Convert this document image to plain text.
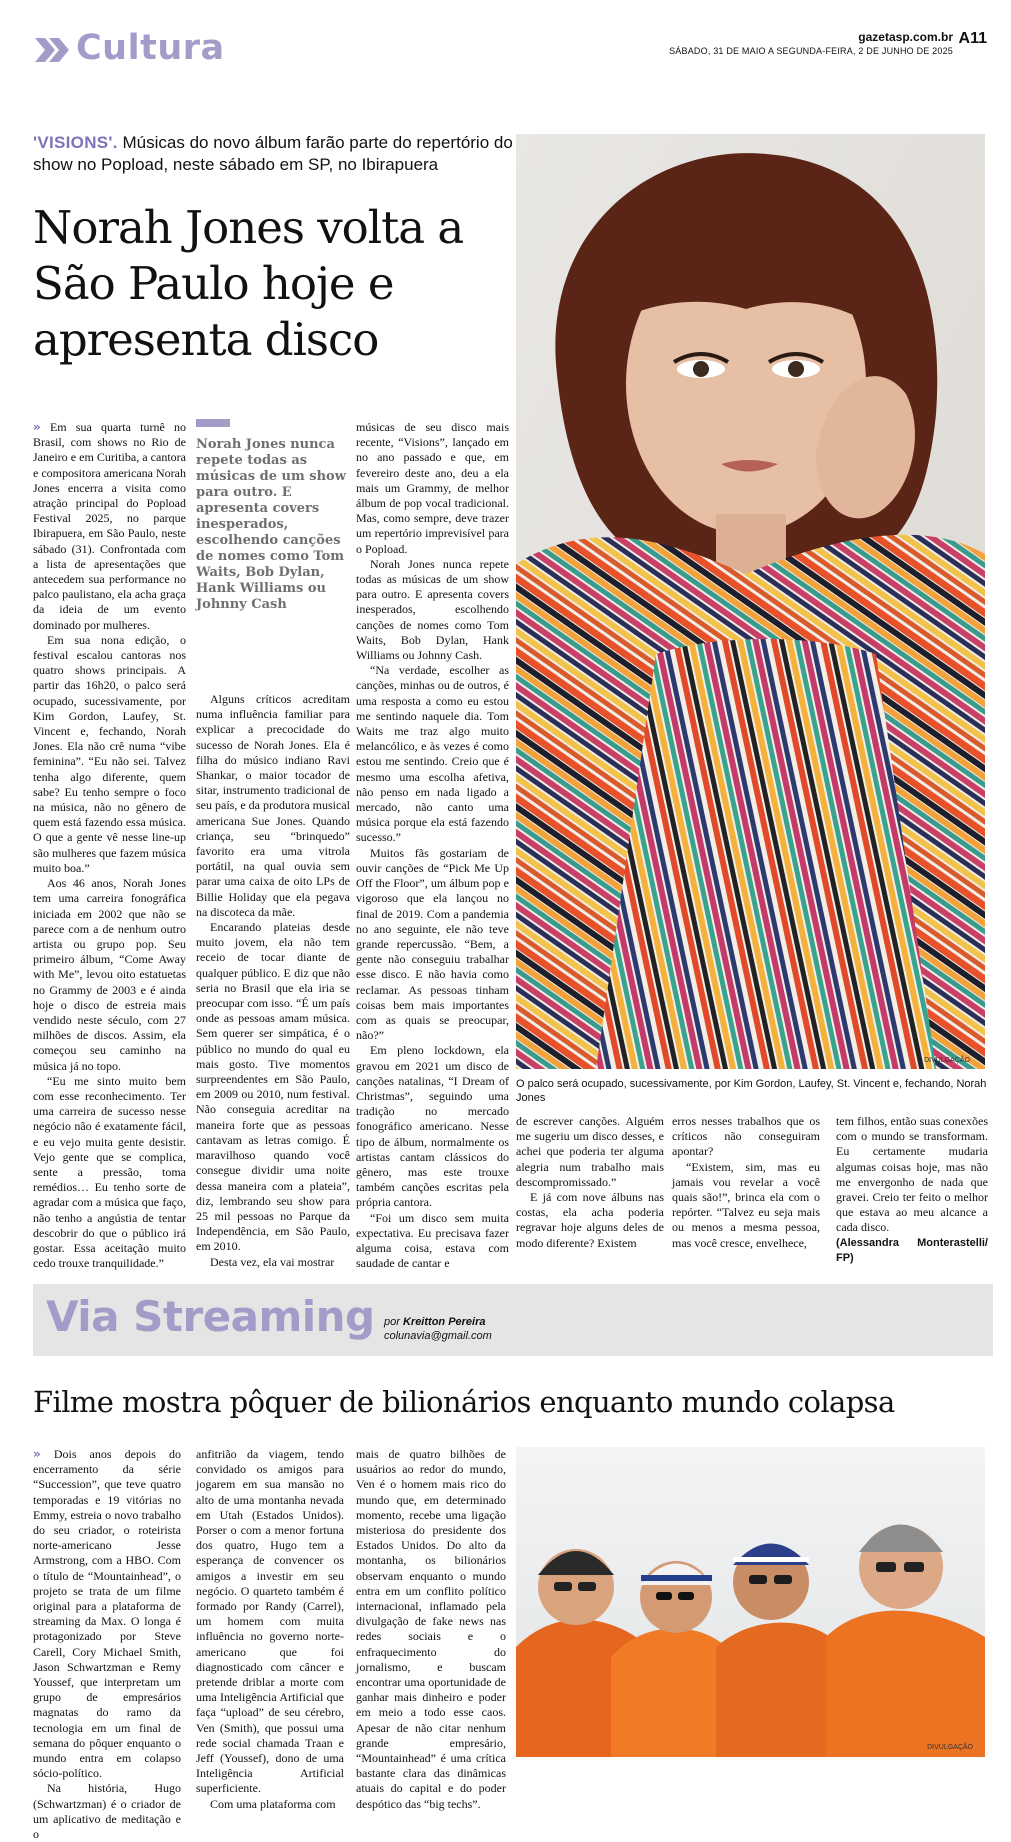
Cultura	gazetasp.com.br
SÁBADO, 31 DE MAIO A SEGUNDA-FEIRA, 2 DE JUNHO DE 2025
A11
'VISIONS'. Músicas do novo álbum farão parte do repertório do show no Popload, neste sábado em SP, no Ibirapuera
Norah Jones volta a São Paulo hoje e apresenta disco
DIVULGAÇÃO
O palco será ocupado, sucessivamente, por Kim Gordon, Laufey, St. Vincent e, fechando, Norah Jones

» Em sua quarta turnê no Brasil, com shows no Rio de Janeiro e em Curitiba, a cantora e compositora americana Norah Jones encerra a visita como atração principal do Popload Festival 2025, no parque Ibirapuera, em São Paulo, neste sábado (31). Confrontada com a lista de apresentações que antecedem sua performance no palco paulistano, ela acha graça da ideia de um evento dominado por mulheres.

Em sua nona edição, o festival escalou cantoras nos quatro shows principais. A partir das 16h20, o palco será ocupado, sucessivamente, por Kim Gordon, Laufey, St. Vincent e, fechando, Norah Jones. Ela não crê numa “vibe feminina”. “Eu não sei. Talvez tenha algo diferente, quem sabe? Eu tenho sempre o foco na música, não no gênero de quem está fazendo essa música. O que a gente vê nesse line-up são mulheres que fazem música muito boa.”

Aos 46 anos, Norah Jones tem uma carreira fonográfica iniciada em 2002 que não se parece com a de nenhum outro artista ou grupo pop. Seu primeiro álbum, “Come Away with Me”, levou oito estatuetas no Grammy de 2003 e é ainda hoje o disco de estreia mais vendido neste século, com 27 milhões de discos. Assim, ela começou seu caminho na música já no topo.

“Eu me sinto muito bem com esse reconhecimento. Ter uma carreira de sucesso nesse negócio não é exatamente fácil, e eu vejo muita gente desistir. Vejo gente que se complica, sente a pressão, toma remédios… Eu tenho sorte de agradar com a música que faço, não tenho a angústia de tentar descobrir do que o público irá gostar. Essa aceitação muito cedo trouxe tranquilidade.”

Norah Jones nunca repete todas as músicas de um show para outro. E apresenta covers inesperados, escolhendo canções de nomes como Tom Waits, Bob Dylan, Hank Williams ou Johnny Cash

Alguns críticos acreditam numa influência familiar para explicar a precocidade do sucesso de Norah Jones. Ela é filha do músico indiano Ravi Shankar, o maior tocador de sitar, instrumento tradicional de seu país, e da produtora musical americana Sue Jones. Quando criança, seu “brinquedo” favorito era uma vitrola portátil, na qual ouvia sem parar uma caixa de oito LPs de Billie Holiday que ela pegava na discoteca da mãe.

Encarando plateias desde muito jovem, ela não tem receio de tocar diante de qualquer público. E diz que não seria no Brasil que ela iria se preocupar com isso. “É um país onde as pessoas amam música. Sem querer ser simpática, é o público no mundo do qual eu mais gosto. Tive momentos surpreendentes em São Paulo, em 2009 ou 2010, num festival. Não conseguia acreditar na maneira forte que as pessoas cantavam as letras comigo. É maravilhoso quando você consegue dividir uma noite dessa maneira com a plateia”, diz, lembrando seu show para 25 mil pessoas no Parque da Independência, em São Paulo, em 2010.

Desta vez, ela vai mostrar

músicas de seu disco mais recente, “Visions”, lançado em no ano passado e que, em fevereiro deste ano, deu a ela mais um Grammy, de melhor álbum de pop vocal tradicional. Mas, como sempre, deve trazer um repertório imprevisível para o Popload.

Norah Jones nunca repete todas as músicas de um show para outro. E apresenta covers inesperados, escolhendo canções de nomes como Tom Waits, Bob Dylan, Hank Williams ou Johnny Cash.

“Na verdade, escolher as canções, minhas ou de outros, é uma resposta a como eu estou me sentindo naquele dia. Tom Waits me traz algo muito melancólico, e às vezes é como estou me sentindo. Creio que é mesmo uma escolha afetiva, não penso em nada ligado a mercado, não canto uma música porque ela está fazendo sucesso.”

Muitos fãs gostariam de ouvir canções de “Pick Me Up Off the Floor”, um álbum pop e vigoroso que ela lançou no final de 2019. Com a pandemia no ano seguinte, ele não teve grande repercussão. “Bem, a gente não conseguiu trabalhar esse disco. E não havia como reclamar. As pessoas tinham coisas bem mais importantes com as quais se preocupar, não?”

Em pleno lockdown, ela gravou em 2021 um disco de canções natalinas, “I Dream of Christmas”, seguindo uma tradição no mercado fonográfico americano. Nesse tipo de álbum, normalmente os artistas cantam clássicos do gênero, mas este trouxe também canções escritas pela própria cantora.

“Foi um disco sem muita expectativa. Eu precisava fazer alguma coisa, estava com saudade de cantar e

de escrever canções. Alguém me sugeriu um disco desses, e achei que poderia ter alguma alegria num trabalho mais descompromissado.”

E já com nove álbuns nas costas, ela acha poderia regravar hoje alguns deles de modo diferente? Existem

erros nesses trabalhos que os críticos não conseguiram apontar?

“Existem, sim, mas eu jamais vou revelar a você quais são!”, brinca ela com o repórter. “Talvez eu seja mais ou menos a mesma pessoa, mas você cresce, envelhece,

tem filhos, então suas conexões com o mundo se transformam. Eu certamente mudaria algumas coisas hoje, mas não me envergonho de nada que gravei. Creio ter feito o melhor que estava ao meu alcance a cada disco.

(Alessandra Monterastelli/ FP)

Via Streaming por Kreitton Pereira
colunavia@gmail.com
Filme mostra pôquer de bilionários enquanto mundo colapsa

» Dois anos depois do encerramento da série “Succession”, que teve quatro temporadas e 19 vitórias no Emmy, estreia o novo trabalho do seu criador, o roteirista norte-americano Jesse Armstrong, com a HBO. Com o título de “Mountainhead”, o projeto se trata de um filme original para a plataforma de streaming da Max. O longa é protagonizado por Steve Carell, Cory Michael Smith, Jason Schwartzman e Remy Youssef, que interpretam um grupo de empresários magnatas do ramo da tecnologia em um final de semana do pôquer enquanto o mundo entra em colapso sócio-político.

Na história, Hugo (Schwartzman) é o criador de um aplicativo de meditação e o

anfitrião da viagem, tendo convidado os amigos para jogarem em sua mansão no alto de uma montanha nevada em Utah (Estados Unidos). Porser o com a menor fortuna dos quatro, Hugo tem a esperança de convencer os amigos a investir em seu negócio. O quarteto também é formado por Randy (Carrel), um homem com muita influência no governo norte-americano que foi diagnosticado com câncer e pretende driblar a morte com uma Inteligência Artificial que faça “upload” de seu cérebro, Ven (Smith), que possui uma rede social chamada Traan e Jeff (Youssef), dono de uma Inteligência Artificial superficiente.

Com uma plataforma com

mais de quatro bilhões de usuários ao redor do mundo, Ven é o homem mais rico do mundo que, em determinado momento, recebe uma ligação misteriosa do presidente dos Estados Unidos. Do alto da montanha, os bilionários observam enquanto o mundo entra em um conflito político internacional, inflamado pela divulgação de fake news nas redes sociais e o enfraquecimento do jornalismo, e buscam encontrar uma oportunidade de ganhar mais dinheiro e poder em meio a todo esse caos. Apesar de não citar nenhum grande empresário, “Mountainhead” é uma crítica bastante clara das dinâmicas atuais do capital e do poder despótico das “big techs”.

DIVULGAÇÃO
